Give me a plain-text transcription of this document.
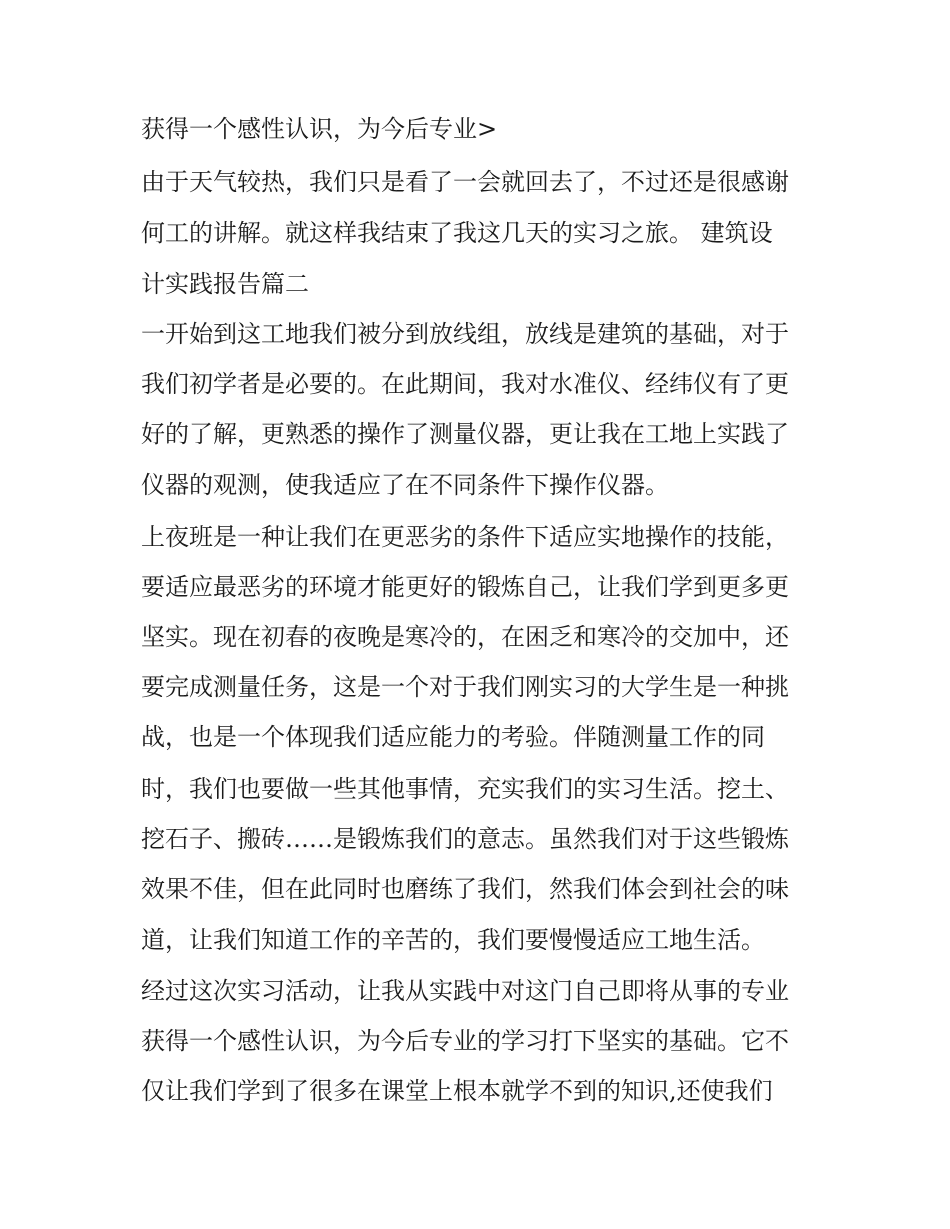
获得一个感性认识，为今后专业>
由于天气较热，我们只是看了一会就回去了，不过还是很感谢
何工的讲解。就这样我结束了我这几天的实习之旅。 建筑设
计实践报告篇二
一开始到这工地我们被分到放线组，放线是建筑的基础，对于
我们初学者是必要的。在此期间，我对水准仪、经纬仪有了更
好的了解，更熟悉的操作了测量仪器，更让我在工地上实践了
仪器的观测，使我适应了在不同条件下操作仪器。
上夜班是一种让我们在更恶劣的条件下适应实地操作的技能，
要适应最恶劣的环境才能更好的锻炼自己，让我们学到更多更
坚实。现在初春的夜晚是寒冷的，在困乏和寒冷的交加中，还
要完成测量任务，这是一个对于我们刚实习的大学生是一种挑
战，也是一个体现我们适应能力的考验。伴随测量工作的同
时，我们也要做一些其他事情，充实我们的实习生活。挖土、
挖石子、搬砖……是锻炼我们的意志。虽然我们对于这些锻炼
效果不佳，但在此同时也磨练了我们，然我们体会到社会的味
道，让我们知道工作的辛苦的，我们要慢慢适应工地生活。
经过这次实习活动，让我从实践中对这门自己即将从事的专业
获得一个感性认识，为今后专业的学习打下坚实的基础。它不
仅让我们学到了很多在课堂上根本就学不到的知识,还使我们
